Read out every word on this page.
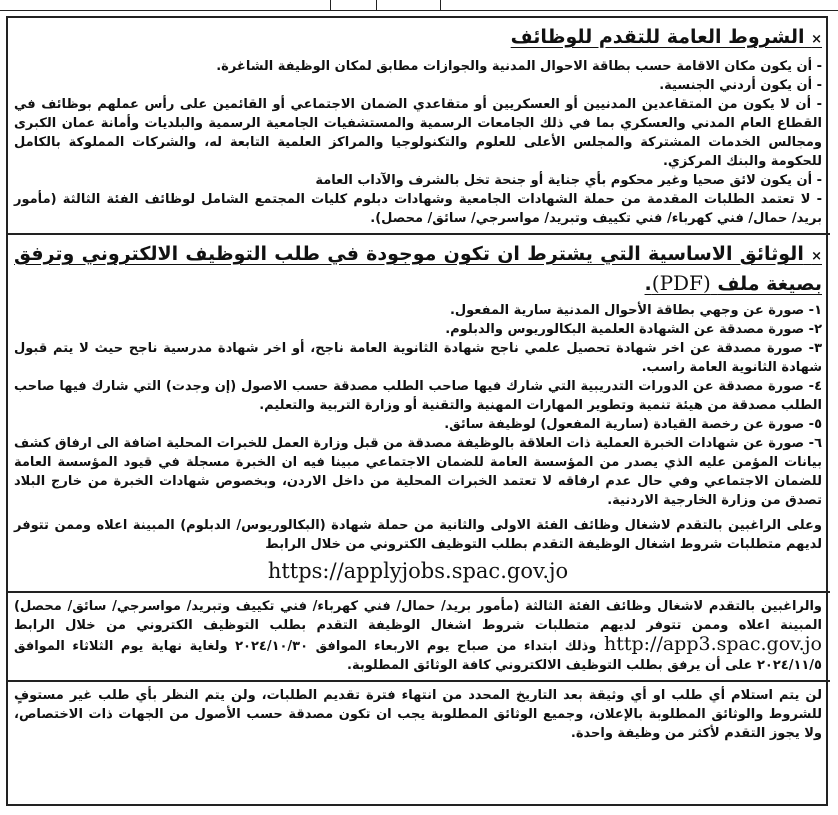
× الشروط العامة للتقدم للوظائف

- أن يكون مكان الاقامة حسب بطاقة الاحوال المدنية والجوازات مطابق لمكان الوظيفة الشاغرة.

- أن يكون أردني الجنسية.

- أن لا يكون من المتقاعدين المدنيين أو العسكريين أو متقاعدي الضمان الاجتماعي أو القائمين على رأس عملهم بوظائف في القطاع العام المدني والعسكري بما في ذلك الجامعات الرسمية والمستشفيات الجامعية الرسمية والبلديات وأمانة عمان الكبرى ومجالس الخدمات المشتركة والمجلس الأعلى للعلوم والتكنولوجيا والمراكز العلمية التابعة له، والشركات المملوكة بالكامل للحكومة والبنك المركزي.

- أن يكون لائق صحيا وغير محكوم بأي جناية أو جنحة تخل بالشرف والآداب العامة

- لا تعتمد الطلبات المقدمة من حملة الشهادات الجامعية وشهادات دبلوم كليات المجتمع الشامل لوظائف الفئة الثالثة (مأمور بريد/ حمال/ فني كهرباء/ فني تكييف وتبريد/ مواسرجي/ سائق/ محصل).

× الوثائق الاساسية التي يشترط ان تكون موجودة في طلب التوظيف الالكتروني وترفق بصيغة ملف (PDF).

١- صورة عن وجهي بطاقة الأحوال المدنية سارية المفعول.

٢- صورة مصدقة عن الشهادة العلمية البكالوريوس والدبلوم.

٣- صورة مصدقة عن اخر شهادة تحصيل علمي ناجح شهادة الثانوية العامة ناجح، أو اخر شهادة مدرسية ناجح حيث لا يتم قبول شهادة الثانوية العامة راسب.

٤- صورة مصدقة عن الدورات التدريبية التي شارك فيها صاحب الطلب مصدقة حسب الاصول (إن وجدت) التي شارك فيها صاحب الطلب مصدقة من هيئة تنمية وتطوير المهارات المهنية والتقنية أو وزارة التربية والتعليم.

٥- صورة عن رخصة القيادة (سارية المفعول) لوظيفة سائق.

٦- صورة عن شهادات الخبرة العملية ذات العلاقة بالوظيفة مصدقة من قبل وزارة العمل للخبرات المحلية اضافة الى ارفاق كشف بيانات المؤمن عليه الذي يصدر من المؤسسة العامة للضمان الاجتماعي مبينا فيه ان الخبرة مسجلة في قيود المؤسسة العامة للضمان الاجتماعي وفي حال عدم ارفاقه لا تعتمد الخبرات المحلية من داخل الاردن، وبخصوص شهادات الخبرة من خارج البلاد تصدق من وزارة الخارجية الاردنية.

وعلى الراغبين بالتقدم لاشغال وظائف الفئة الاولى والثانية من حملة شهادة (البكالوريوس/ الدبلوم) المبينة اعلاه وممن تتوفر لديهم متطلبات شروط اشغال الوظيفة التقدم بطلب التوظيف الكتروني من خلال الرابط

https://applyjobs.spac.gov.jo

والراغبين بالتقدم لاشغال وظائف الفئة الثالثة (مأمور بريد/ حمال/ فني كهرباء/ فني تكييف وتبريد/ مواسرجي/ سائق/ محصل) المبينة اعلاه وممن تتوفر لديهم متطلبات شروط اشغال الوظيفة التقدم بطلب التوظيف الكتروني من خلال الرابط http://app3.spac.gov.jo وذلك ابتداء من صباح يوم الاربعاء الموافق ٢٠٢٤/١٠/٣٠ ولغاية نهاية يوم الثلاثاء الموافق ٢٠٢٤/١١/٥ على أن يرفق بطلب التوظيف الالكتروني كافة الوثائق المطلوبة.

لن يتم استلام أي طلب او أي وثيقة بعد التاريخ المحدد من انتهاء فترة تقديم الطلبات، ولن يتم النظر بأي طلب غير مستوفٍ للشروط والوثائق المطلوبة بالإعلان، وجميع الوثائق المطلوبة يجب ان تكون مصدقة حسب الأصول من الجهات ذات الاختصاص، ولا يجوز التقدم لأكثر من وظيفة واحدة.
